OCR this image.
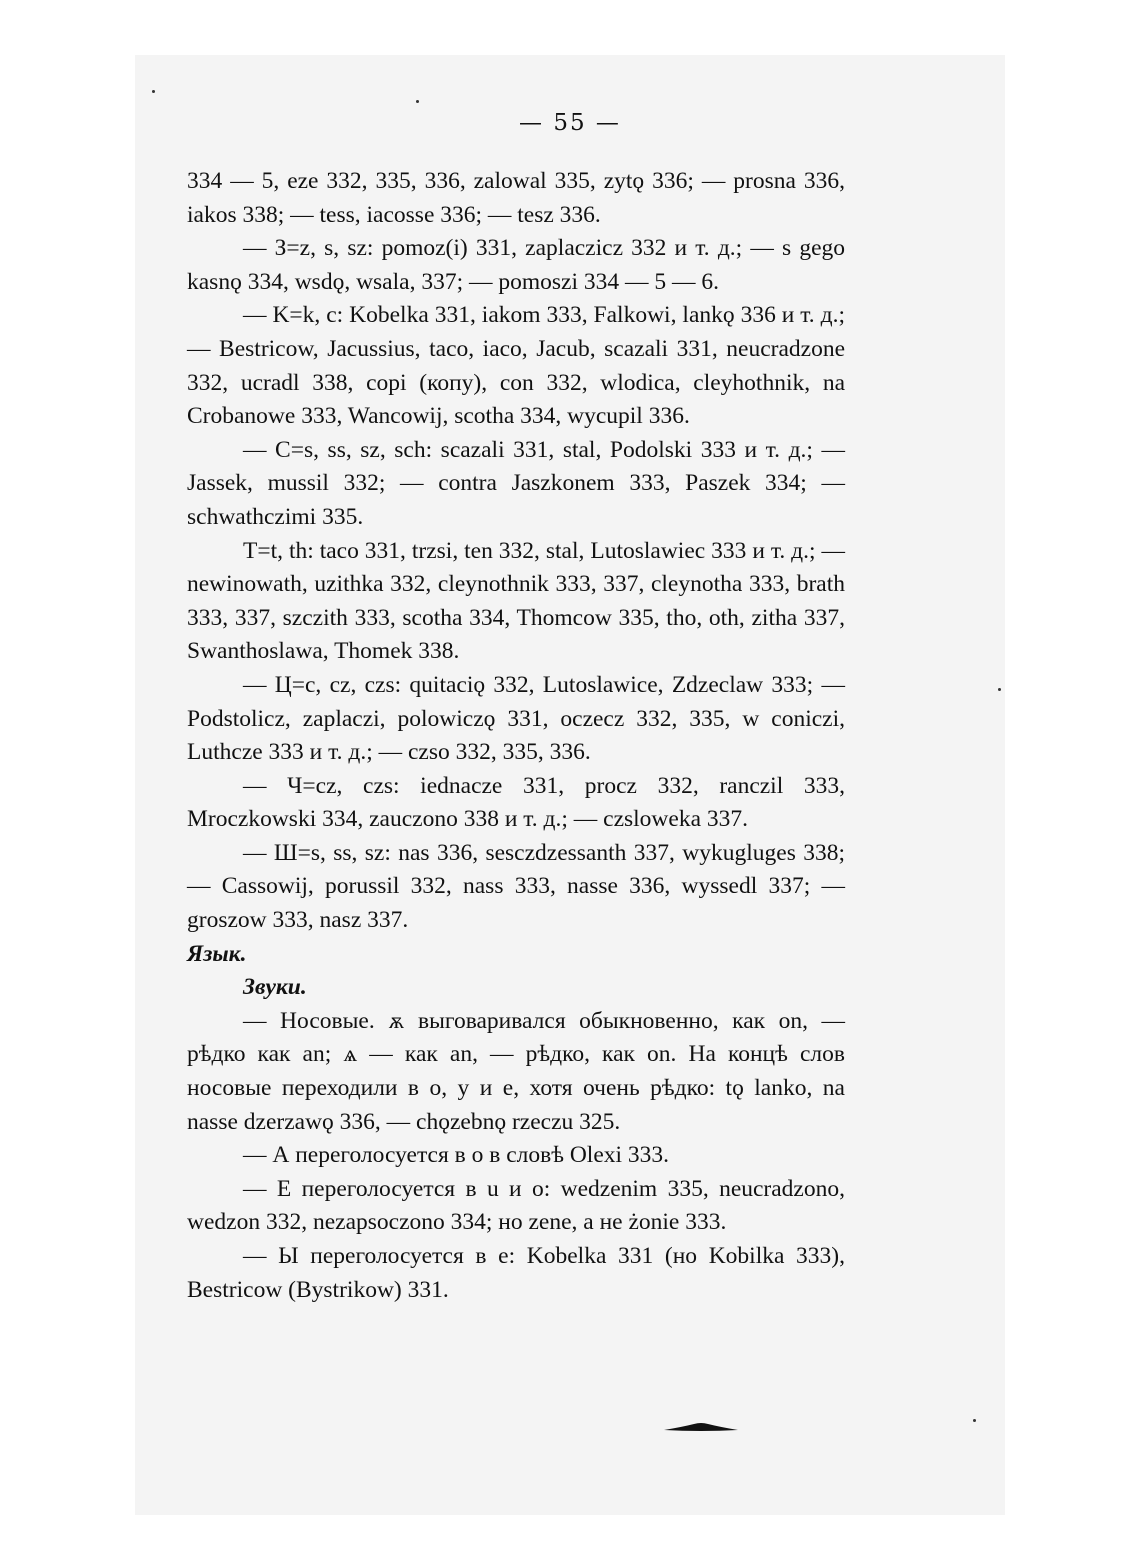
— 55 —

334 — 5, eze 332, 335, 336, zalowal 335, zytǫ 336; — prosna 336, iakos 338; — tess, iacosse 336; — tesz 336.

— З=z, s, sz: pomoz(i) 331, zaplaczicz 332 и т. д.; — s gego kasnǫ 334, wsdǫ, wsala, 337; — pomoszi 334 — 5 — 6.

— K=k, c: Kobelka 331, iakom 333, Falkowi, lankǫ 336 и т. д.; — Bestricow, Jacussius, taco, iaco, Jacub, scazali 331, neucradzone 332, ucradl 338, copi (копу), con 332, wlodica, cleyhothnik, na Crobanowe 333, Wancowij, scotha 334, wycupil 336.

— C=s, ss, sz, sch: scazali 331, stal, Podolski 333 и т. д.; — Jassek, mussil 332; — contra Jaszkonem 333, Paszek 334; — schwathczimi 335.

T=t, th: taco 331, trzsi, ten 332, stal, Lutoslawiec 333 и т. д.; — newinowath, uzithka 332, cleynothnik 333, 337, cleynotha 333, brath 333, 337, szczith 333, scotha 334, Thomcow 335, tho, oth, zitha 337, Swanthoslawa, Thomek 338.

— Ц=c, cz, czs: quitaciǫ 332, Lutoslawice, Zdzeclaw 333; — Podstolicz, zaplaczi, polowiczǫ 331, oczecz 332, 335, w coniczi, Luthcze 333 и т. д.; — czso 332, 335, 336.

— Ч=cz, czs: iednacze 331, procz 332, ranczil 333, Mroczkowski 334, zauczono 338 и т. д.; — czsloweka 337.

— Ш=s, ss, sz: nas 336, sesczdzessanth 337, wykugluges 338; — Cassowij, porussil 332, nass 333, nasse 336, wyssedl 337; — groszow 333, nasz 337.

Язык.

Звуки.

— Носовые. ѫ выговаривался обыкновенно, как on, — рѣдко как an; ѧ — как an, — рѣдко, как on. На концѣ слов носовые переходили в o, y и e, хотя очень рѣдко: tǫ lanko, na nasse dzerzawǫ 336, — chǫzebnǫ rzeczu 325.

— А переголосуется в o в словѣ Olexi 333.

— Е переголосуется в u и o: wedzenim 335, neucradzono, wedzon 332, nezapsoczono 334; но zene, а не żonie 333.

— Ы переголосуется в e: Kobelka 331 (но Kobilka 333), Bestricow (Bystrikow) 331.
